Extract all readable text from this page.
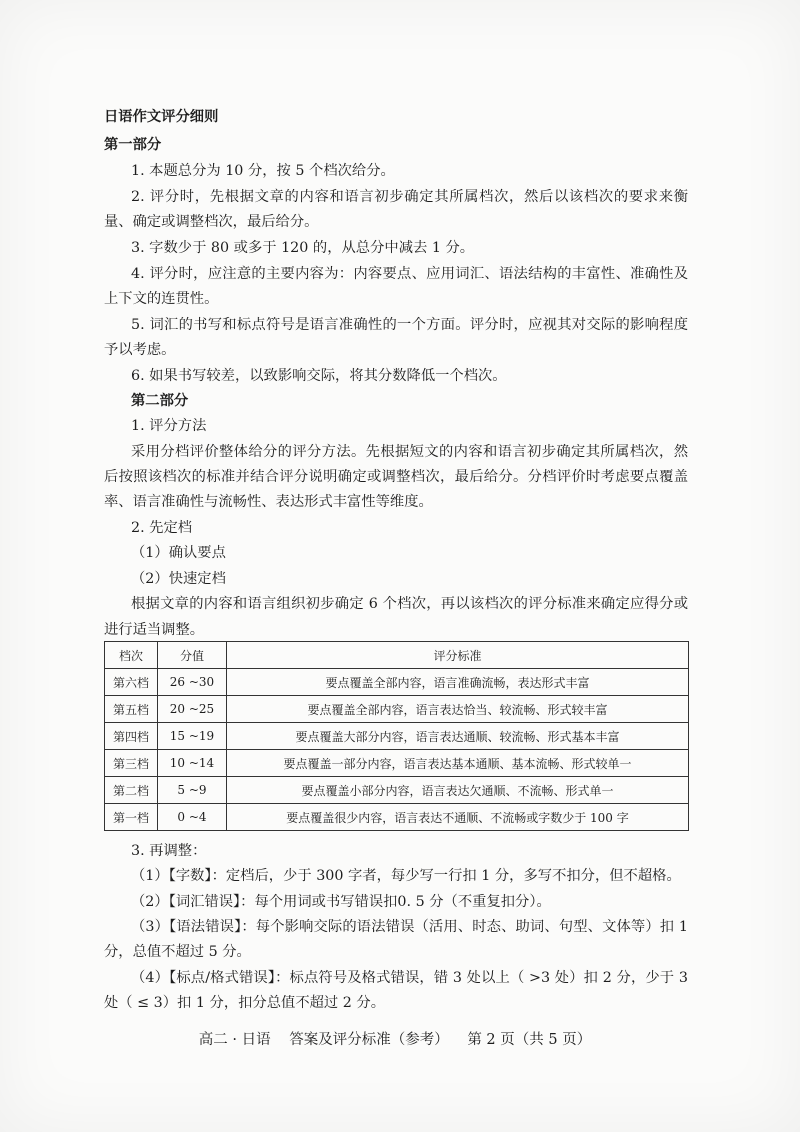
日语作文评分细则
第一部分
1. 本题总分为 10 分，按 5 个档次给分。
2. 评分时，先根据文章的内容和语言初步确定其所属档次，然后以该档次的要求来衡
量、确定或调整档次，最后给分。
3. 字数少于 80 或多于 120 的，从总分中减去 1 分。
4. 评分时，应注意的主要内容为：内容要点、应用词汇、语法结构的丰富性、准确性及
上下文的连贯性。
5. 词汇的书写和标点符号是语言准确性的一个方面。评分时，应视其对交际的影响程度
予以考虑。
6. 如果书写较差，以致影响交际，将其分数降低一个档次。
第二部分
1. 评分方法
采用分档评价整体给分的评分方法。先根据短文的内容和语言初步确定其所属档次，然
后按照该档次的标准并结合评分说明确定或调整档次，最后给分。分档评价时考虑要点覆盖
率、语言准确性与流畅性、表达形式丰富性等维度。
2. 先定档
（1）确认要点
（2）快速定档
根据文章的内容和语言组织初步确定 6 个档次，再以该档次的评分标准来确定应得分或
进行适当调整。
档次	分值	评分标准
第六档	26 ~30	要点覆盖全部内容，语言准确流畅，表达形式丰富
第五档	20 ~25	要点覆盖全部内容，语言表达恰当、较流畅、形式较丰富
第四档	15 ~19	要点覆盖大部分内容，语言表达通顺、较流畅、形式基本丰富
第三档	10 ~14	要点覆盖一部分内容，语言表达基本通顺、基本流畅、形式较单一
第二档	5 ~9	要点覆盖小部分内容，语言表达欠通顺、不流畅、形式单一
第一档	0 ~4	要点覆盖很少内容，语言表达不通顺、不流畅或字数少于 100 字
3. 再调整：
（1）【字数】：定档后，少于 300 字者，每少写一行扣 1 分，多写不扣分，但不超格。
（2）【词汇错误】：每个用词或书写错误扣0. 5 分（不重复扣分）。
（3）【语法错误】：每个影响交际的语法错误（活用、时态、助词、句型、文体等）扣 1
分，总值不超过 5 分。
（4）【标点/格式错误】：标点符号及格式错误，错 3 处以上（ >3 处）扣 2 分，少于 3
处（ ≤ 3）扣 1 分，扣分总值不超过 2 分。
高二 · 日语 答案及评分标准（参考） 第 2 页（共 5 页）
